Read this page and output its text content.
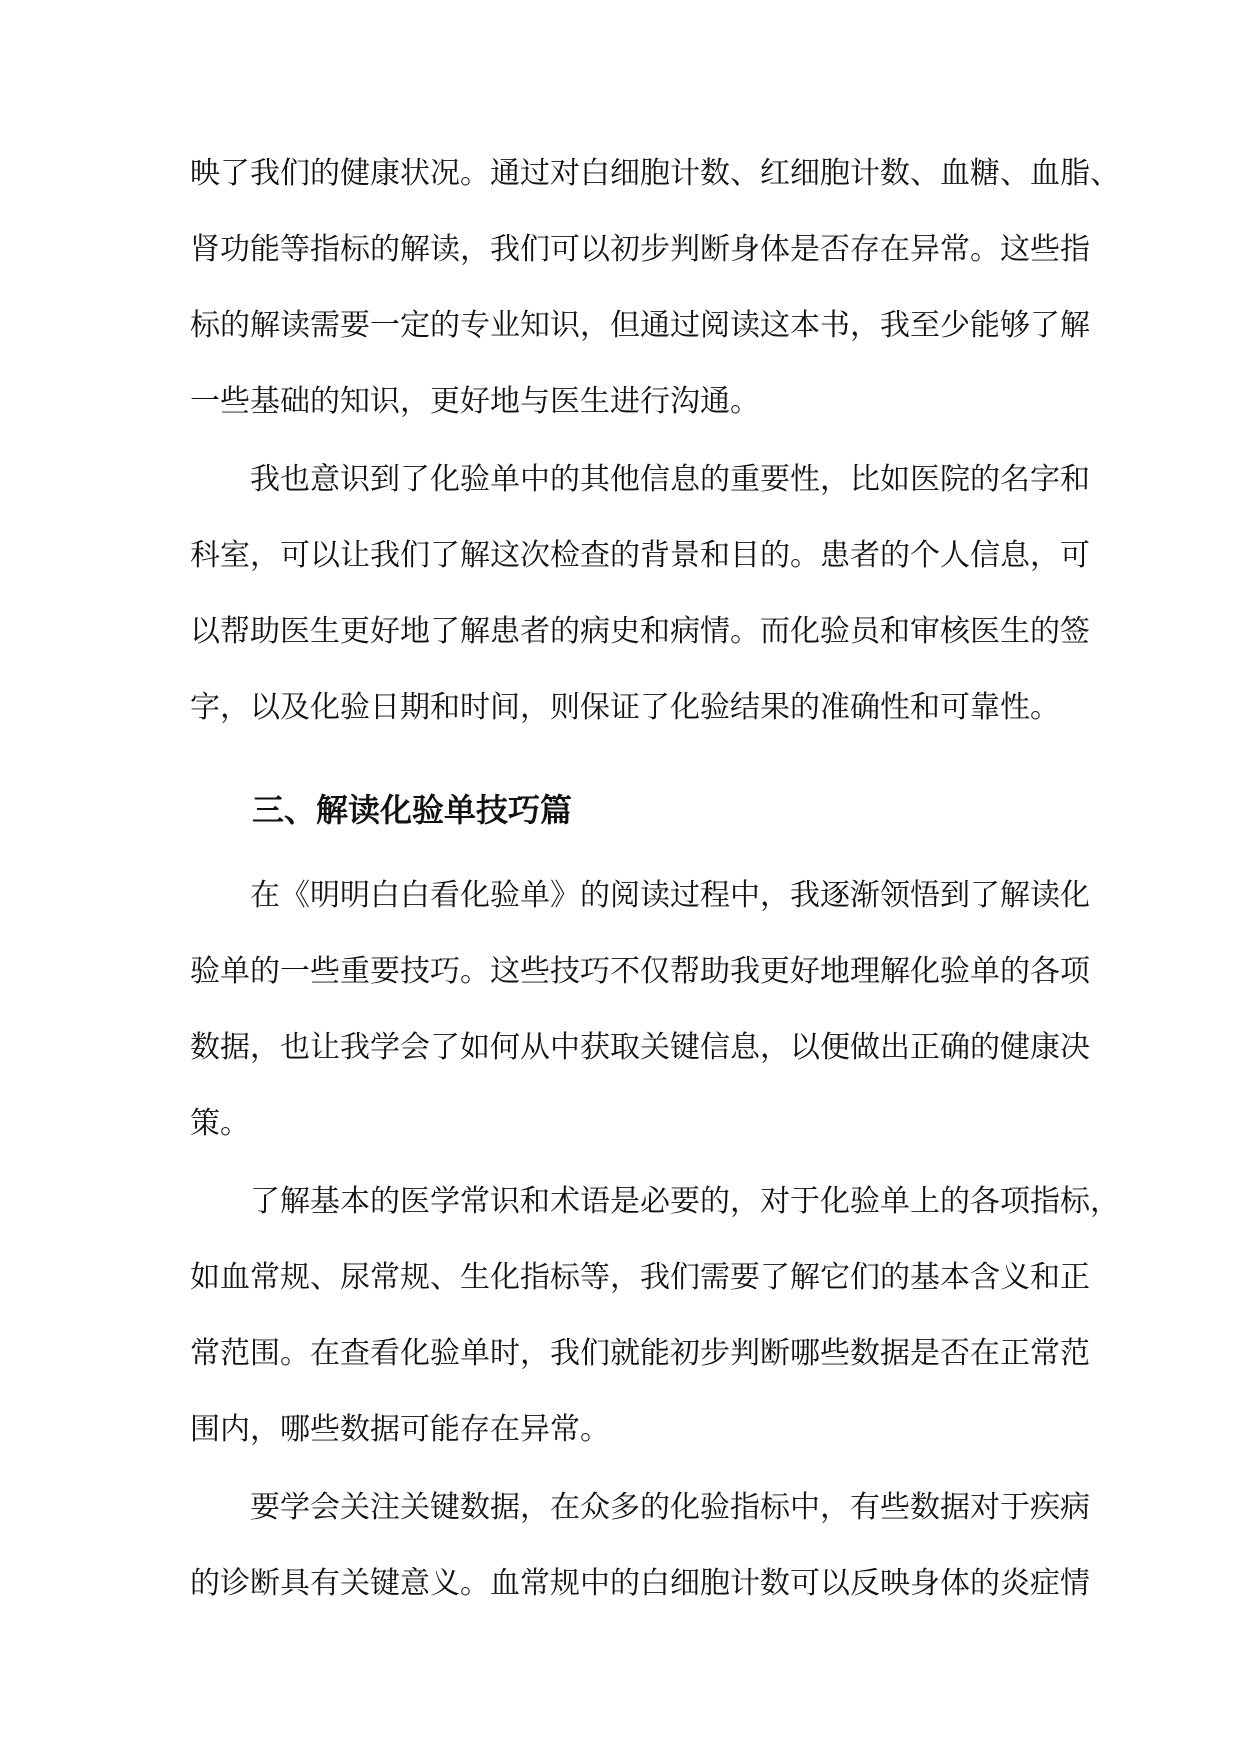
映了我们的健康状况。通过对白细胞计数、红细胞计数、血糖、血脂、
肾功能等指标的解读，我们可以初步判断身体是否存在异常。这些指
标的解读需要一定的专业知识，但通过阅读这本书，我至少能够了解
一些基础的知识，更好地与医生进行沟通。
我也意识到了化验单中的其他信息的重要性，比如医院的名字和
科室，可以让我们了解这次检查的背景和目的。患者的个人信息，可
以帮助医生更好地了解患者的病史和病情。而化验员和审核医生的签
字，以及化验日期和时间，则保证了化验结果的准确性和可靠性。
三、解读化验单技巧篇
在《明明白白看化验单》的阅读过程中，我逐渐领悟到了解读化
验单的一些重要技巧。这些技巧不仅帮助我更好地理解化验单的各项
数据，也让我学会了如何从中获取关键信息，以便做出正确的健康决
策。
了解基本的医学常识和术语是必要的，对于化验单上的各项指标，
如血常规、尿常规、生化指标等，我们需要了解它们的基本含义和正
常范围。在查看化验单时，我们就能初步判断哪些数据是否在正常范
围内，哪些数据可能存在异常。
要学会关注关键数据，在众多的化验指标中，有些数据对于疾病
的诊断具有关键意义。血常规中的白细胞计数可以反映身体的炎症情
